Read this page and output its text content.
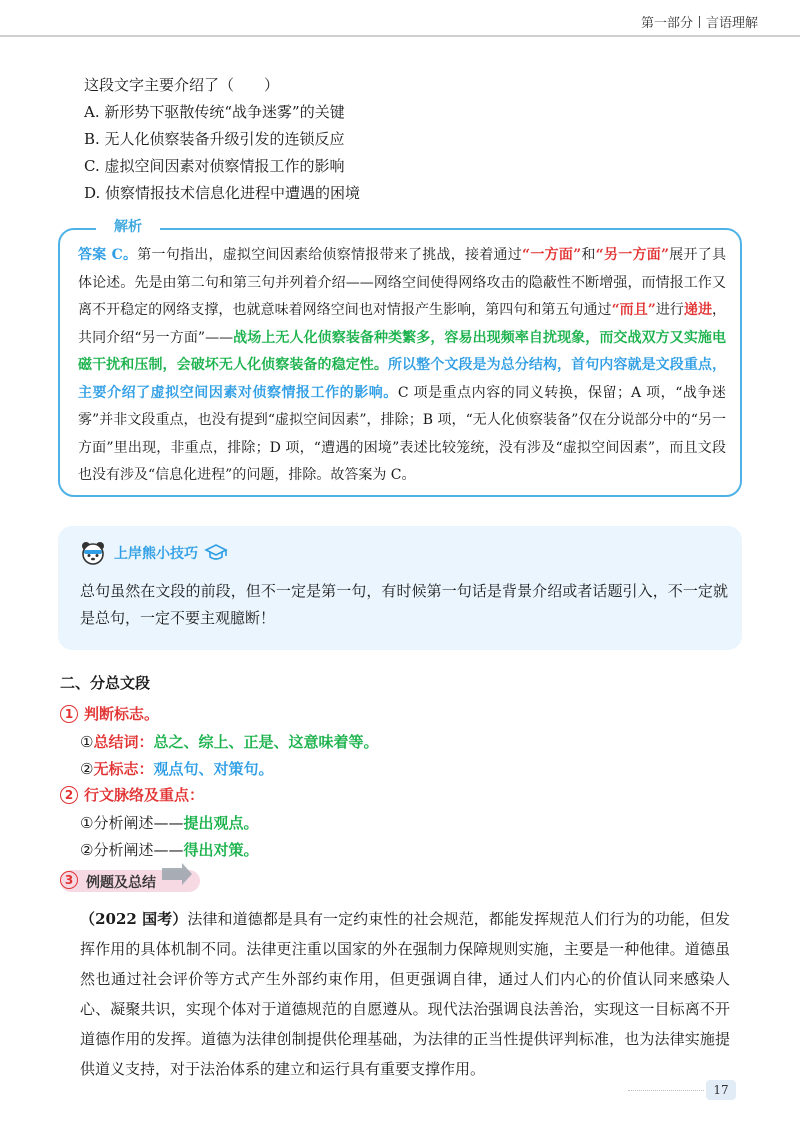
第一部分丨言语理解
这段文字主要介绍了（　　）
A. 新形势下驱散传统“战争迷雾”的关键
B. 无人化侦察装备升级引发的连锁反应
C. 虚拟空间因素对侦察情报工作的影响
D. 侦察情报技术信息化进程中遭遇的困境
解析
答案 C。第一句指出，虚拟空间因素给侦察情报带来了挑战，接着通过“一方面”和“另一方面”展开了具体论述。先是由第二句和第三句并列着介绍——网络空间使得网络攻击的隐蔽性不断增强，而情报工作又离不开稳定的网络支撑，也就意味着网络空间也对情报产生影响，第四句和第五句通过“而且”进行递进，共同介绍“另一方面”——战场上无人化侦察装备种类繁多，容易出现频率自扰现象，而交战双方又实施电磁干扰和压制，会破坏无人化侦察装备的稳定性。所以整个文段是为总分结构，首句内容就是文段重点，主要介绍了虚拟空间因素对侦察情报工作的影响。C 项是重点内容的同义转换，保留；A 项，“战争迷雾”并非文段重点，也没有提到“虚拟空间因素”，排除；B 项，“无人化侦察装备”仅在分说部分中的“另一方面”里出现，非重点，排除；D 项，“遭遇的困境”表述比较笼统，没有涉及“虚拟空间因素”，而且文段也没有涉及“信息化进程”的问题，排除。故答案为 C。
上岸熊小技巧
总句虽然在文段的前段，但不一定是第一句，有时候第一句话是背景介绍或者话题引入，不一定就是总句，一定不要主观臆断！
二、分总文段
1 判断标志。
①总结词：总之、综上、正是、这意味着等。
②无标志：观点句、对策句。
2 行文脉络及重点：
①分析阐述——提出观点。
②分析阐述——得出对策。
3 例题及总结
（2022 国考）法律和道德都是具有一定约束性的社会规范，都能发挥规范人们行为的功能，但发挥作用的具体机制不同。法律更注重以国家的外在强制力保障规则实施，主要是一种他律。道德虽然也通过社会评价等方式产生外部约束作用，但更强调自律，通过人们内心的价值认同来感染人心、凝聚共识，实现个体对于道德规范的自愿遵从。现代法治强调良法善治，实现这一目标离不开道德作用的发挥。道德为法律创制提供伦理基础，为法律的正当性提供评判标准，也为法律实施提供道义支持，对于法治体系的建立和运行具有重要支撑作用。
17
